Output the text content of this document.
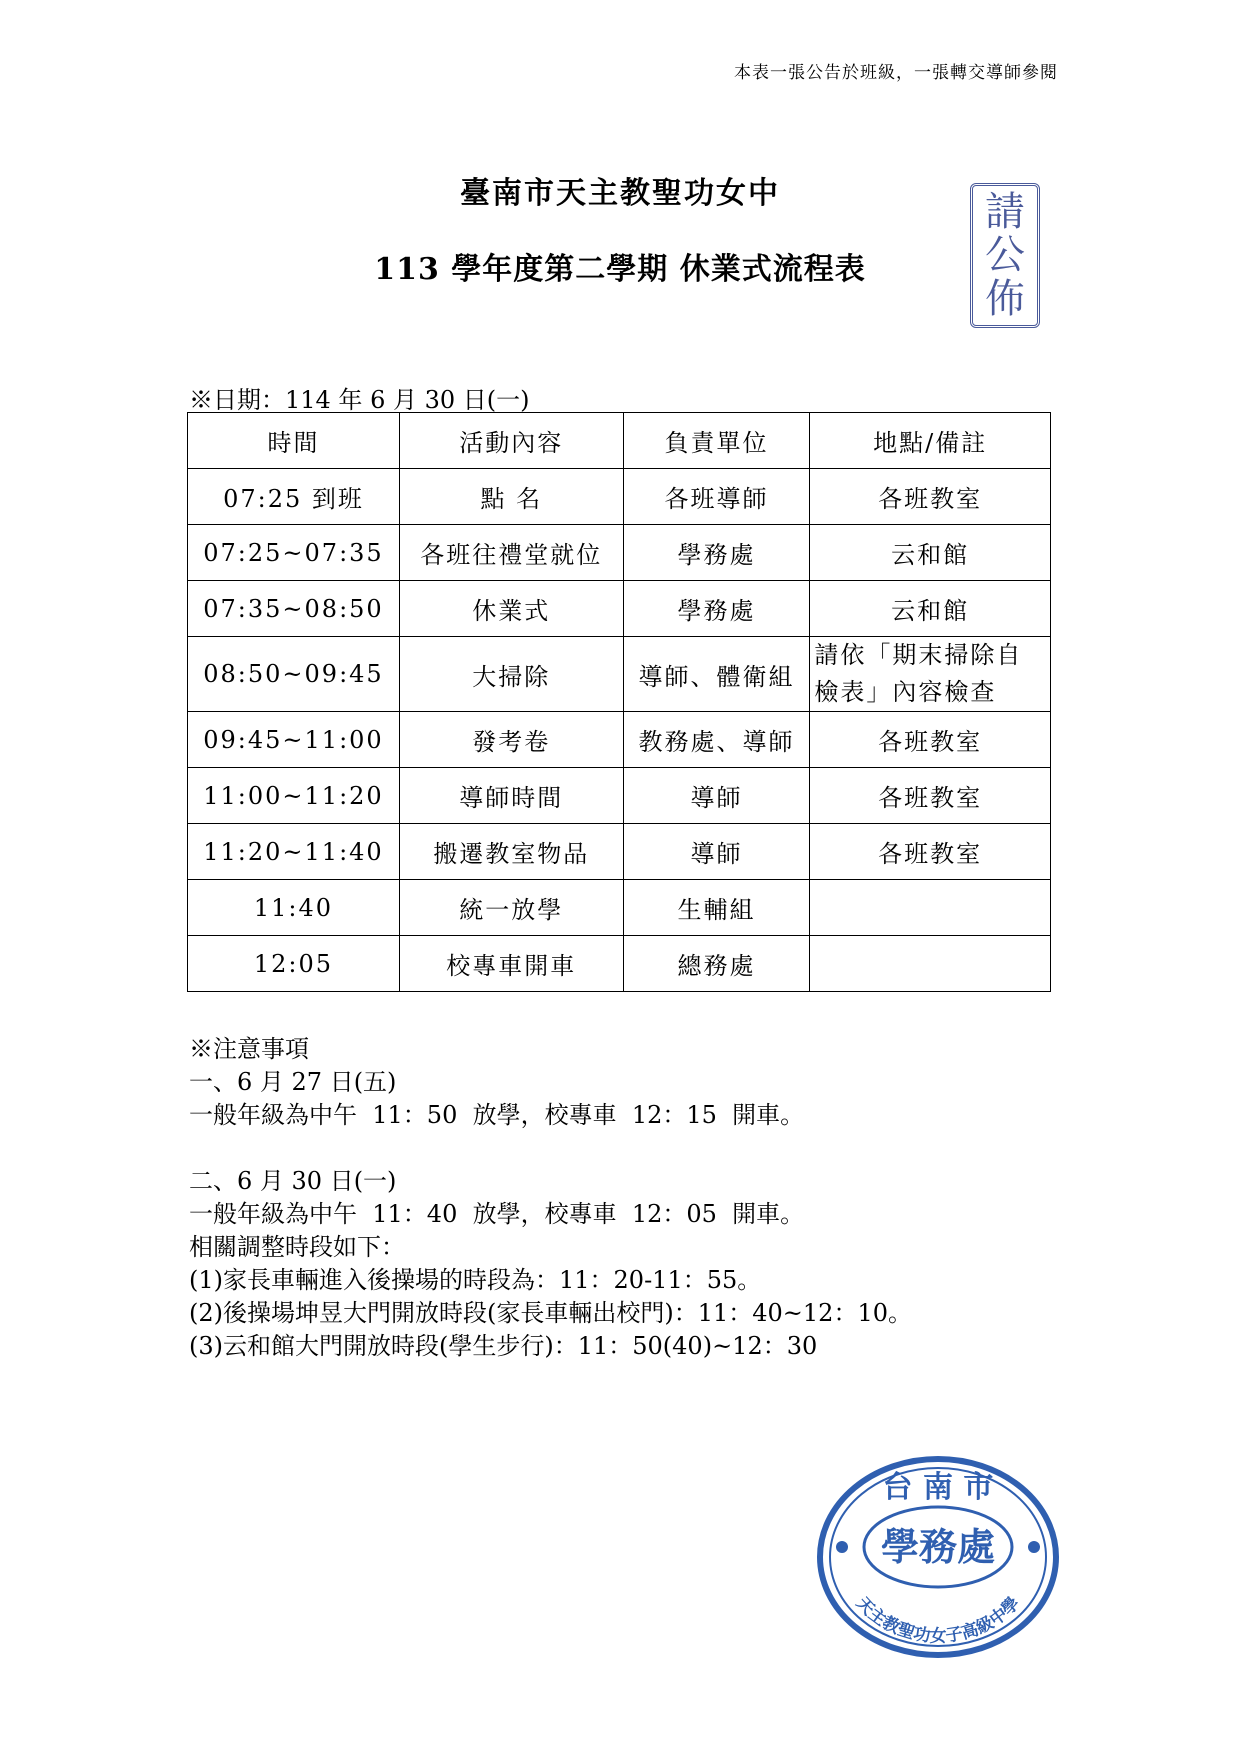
本表一張公告於班級，一張轉交導師參閱
臺南市天主教聖功女中
113 學年度第二學期 休業式流程表
請
公
佈
※日期：114 年 6 月 30 日(一)
時間	活動內容	負責單位	地點/備註
07:25 到班	點 名	各班導師	各班教室
07:25~07:35	各班往禮堂就位	學務處	云和館
07:35~08:50	休業式	學務處	云和館
08:50~09:45	大掃除	導師、體衛組	請依「期末掃除自檢表」內容檢查
09:45~11:00	發考卷	教務處、導師	各班教室
11:00~11:20	導師時間	導師	各班教室
11:20~11:40	搬遷教室物品	導師	各班教室
11:40	統一放學	生輔組	
12:05	校專車開車	總務處	

※注意事項

一、6 月 27 日(五)

一般年級為中午  11：50  放學，校專車  12：15  開車。

二、6 月 30 日(一)

一般年級為中午  11：40  放學，校專車  12：05  開車。

相關調整時段如下：

(1)家長車輛進入後操場的時段為：11：20-11：55。

(2)後操場坤昱大門開放時段(家長車輛出校門)：11：40~12：10。

(3)云和館大門開放時段(學生步行)：11：50(40)~12：30

台 南 市
學務處
天主教聖功女子高級中學
